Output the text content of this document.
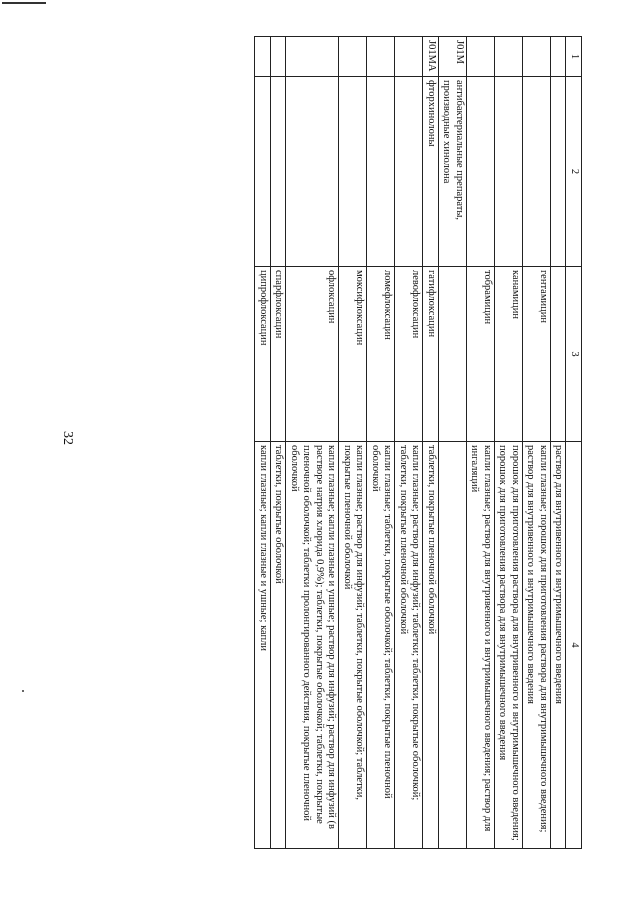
32
1	2	3	4
			раствор для внутривенного и внутримышечного введения
		гентамицин	капли глазные; порошок для приготовления раствора для внутримышечного введения; раствор для внутривенного и внутримышечного введения
		канамицин	порошок для приготовления раствора для внутривенного и внутримышечного введения; порошок для приготовления раствора для внутримышечного введения
		тобрамицин	капли глазные; раствор для внутривенного и внутримышечного введения; раствор для ингаляций
J01M	антибактериальные препараты, производные хинолона		
J01MA	фторхинолоны	гатифлоксацин	таблетки, покрытые пленочной оболочкой
		левофлоксацин	капли глазные; раствор для инфузий; таблетки; таблетки, покрытые оболочкой; таблетки, покрытые пленочной оболочкой
		ломефлоксацин	капли глазные; таблетки, покрытые оболочкой; таблетки, покрытые пленочной оболочкой
		моксифлоксацин	капли глазные; раствор для инфузий; таблетки, покрытые оболочкой; таблетки, покрытые пленочной оболочкой
		офлоксацин	капли глазные; капли глазные и ушные; раствор для инфузий; раствор для инфузий (в растворе натрия хлорида 0,9%); таблетки, покрытые оболочкой; таблетки, покрытые пленочной оболочкой; таблетки пролонгированного действия, покрытые пленочной оболочкой
		спарфлоксацин	таблетки, покрытые оболочкой
		ципрофлоксацин	капли глазные; капли глазные и ушные; капли
